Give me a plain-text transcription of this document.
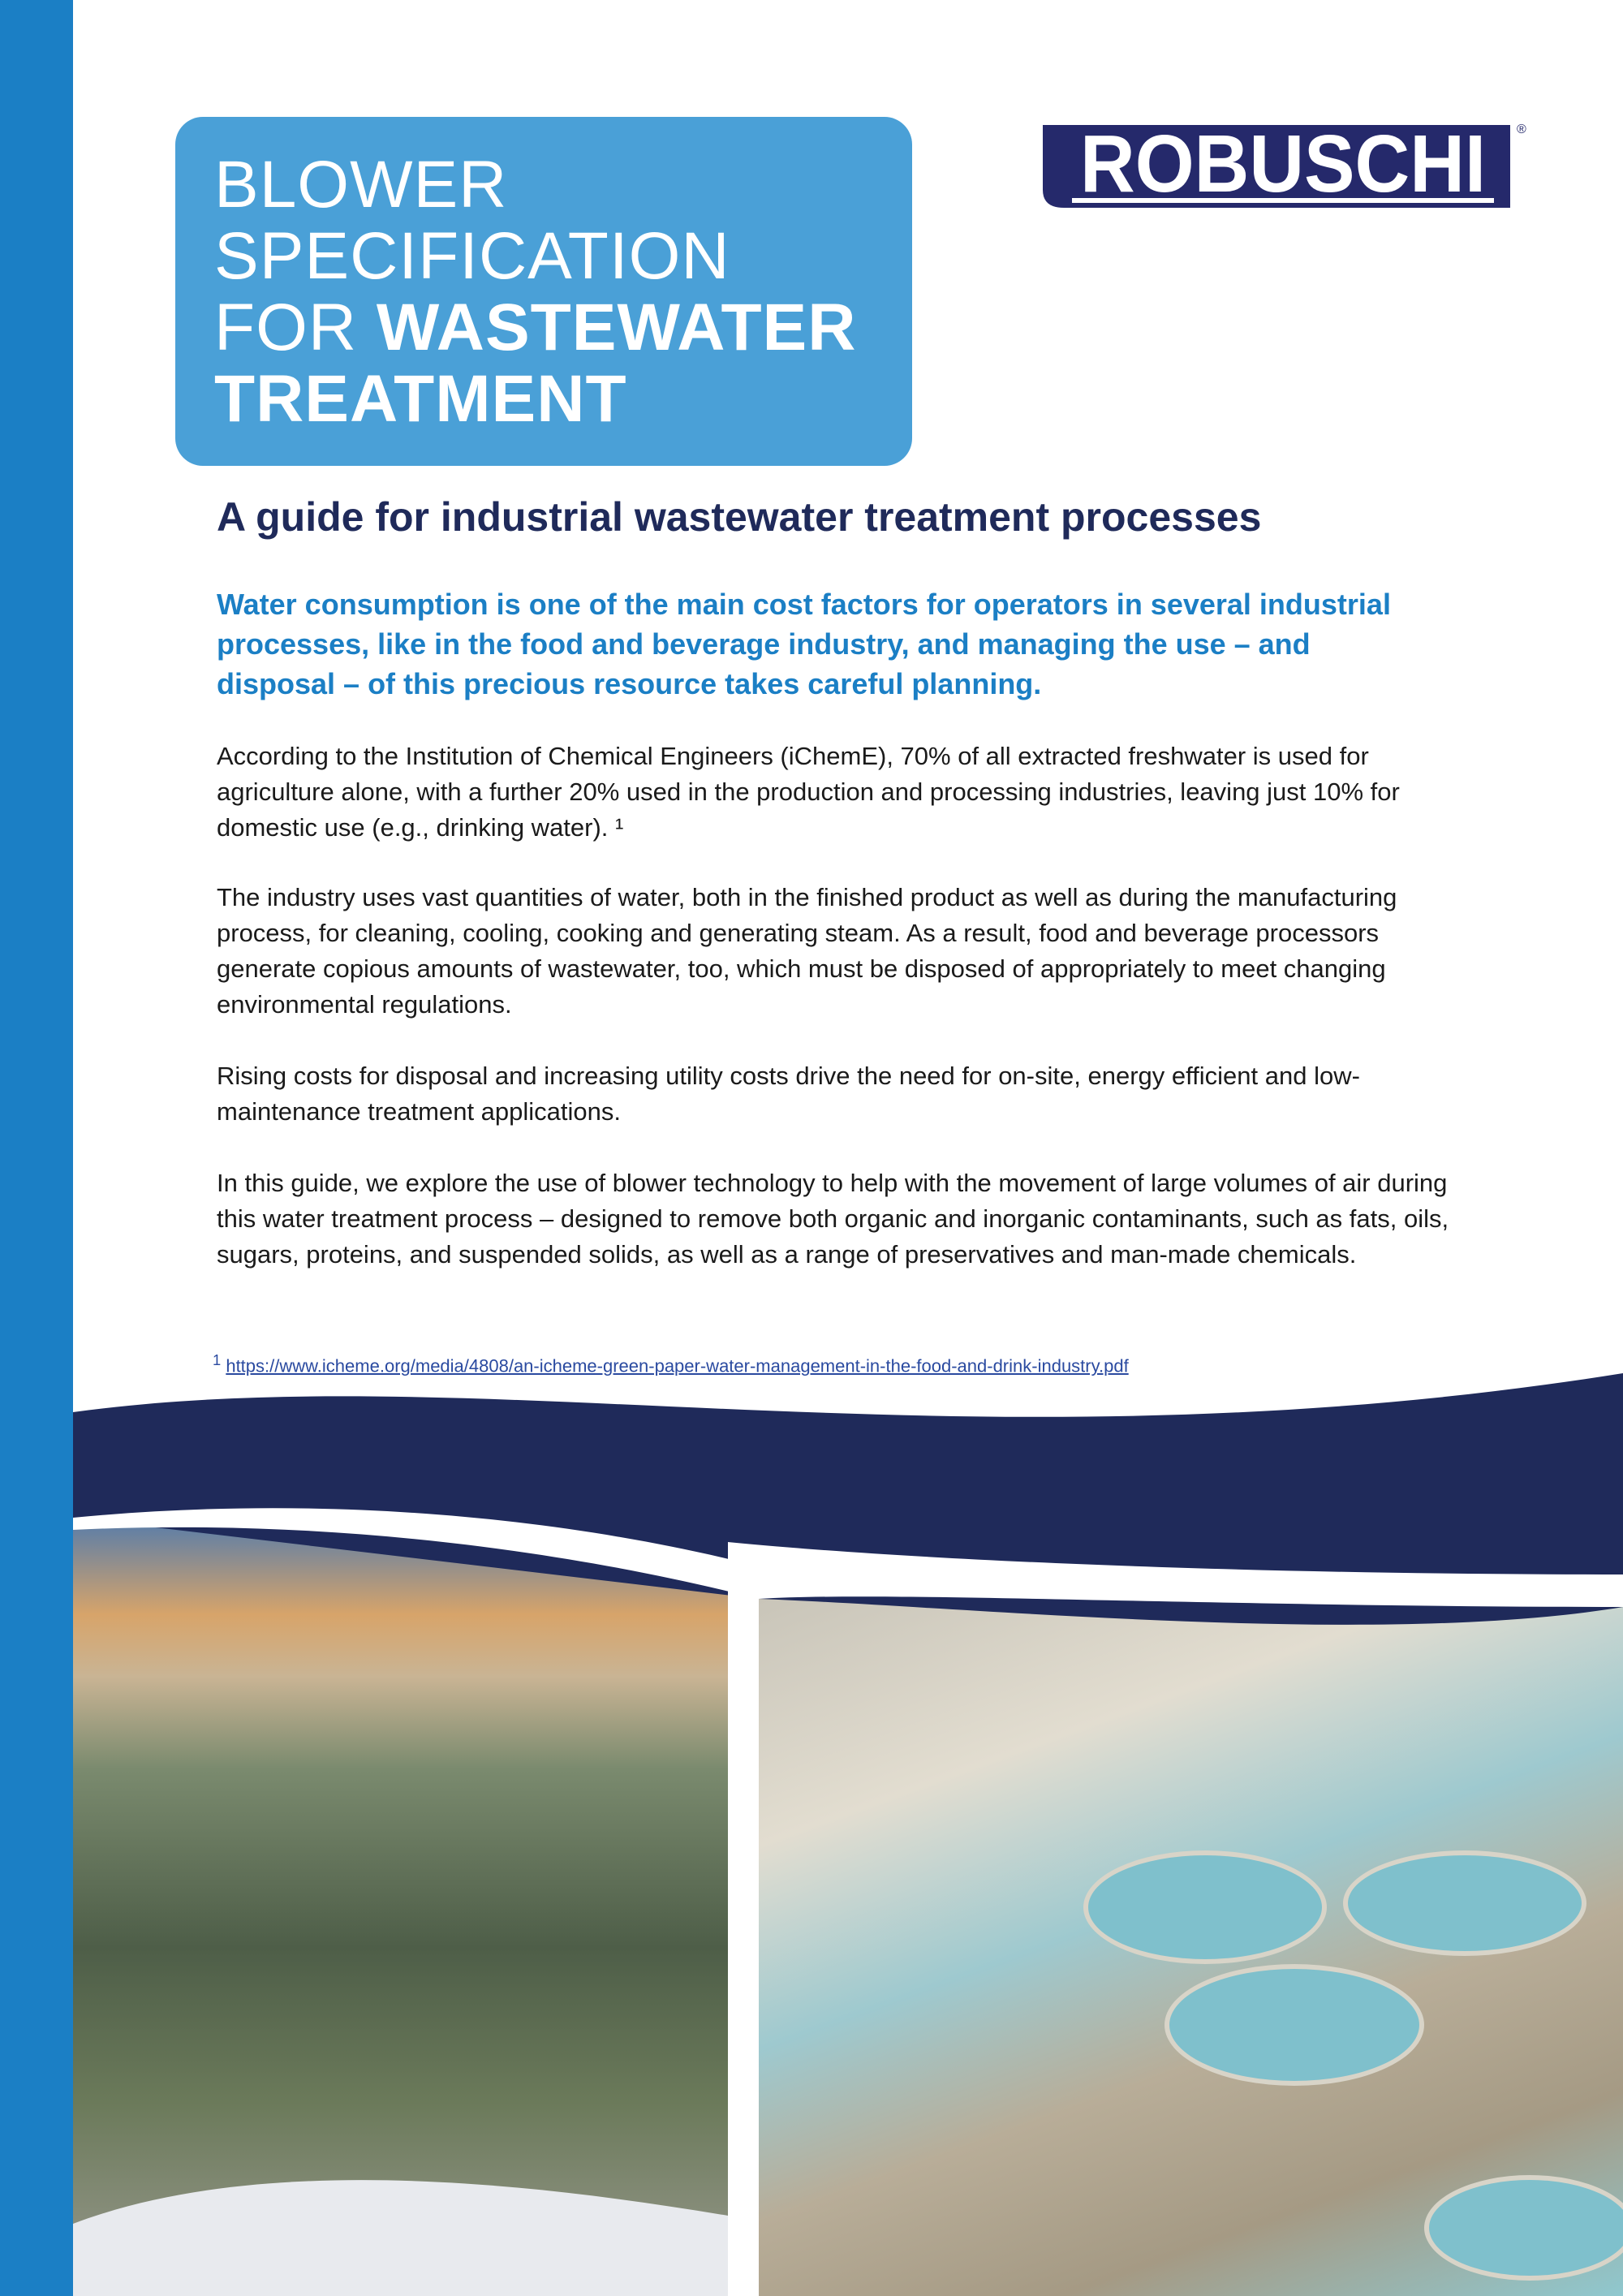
BLOWER
SPECIFICATION
FOR WASTEWATER
TREATMENT
ROBUSCHI ®
A guide for industrial wastewater treatment processes
Water consumption is one of the main cost factors for operators in several industrial processes, like in the food and beverage industry, and managing the use – and disposal – of this precious resource takes careful planning.
According to the Institution of Chemical Engineers (iChemE), 70% of all extracted freshwater is used for agriculture alone, with a further 20% used in the production and processing industries, leaving just 10% for domestic use (e.g., drinking water). ¹
The industry uses vast quantities of water, both in the finished product as well as during the manufacturing process, for cleaning, cooling, cooking and generating steam. As a result, food and beverage processors generate copious amounts of wastewater, too, which must be disposed of appropriately to meet changing environmental regulations.
Rising costs for disposal and increasing utility costs drive the need for on-site, energy efficient and low-maintenance treatment applications.
In this guide, we explore the use of blower technology to help with the movement of large volumes of air during this water treatment process – designed to remove both organic and inorganic contaminants, such as fats, oils, sugars, proteins, and suspended solids, as well as a range of preservatives and man-made chemicals.
$^1$ https://www.icheme.org/media/4808/an-icheme-green-paper-water-management-in-the-food-and-drink-industry.pdf
